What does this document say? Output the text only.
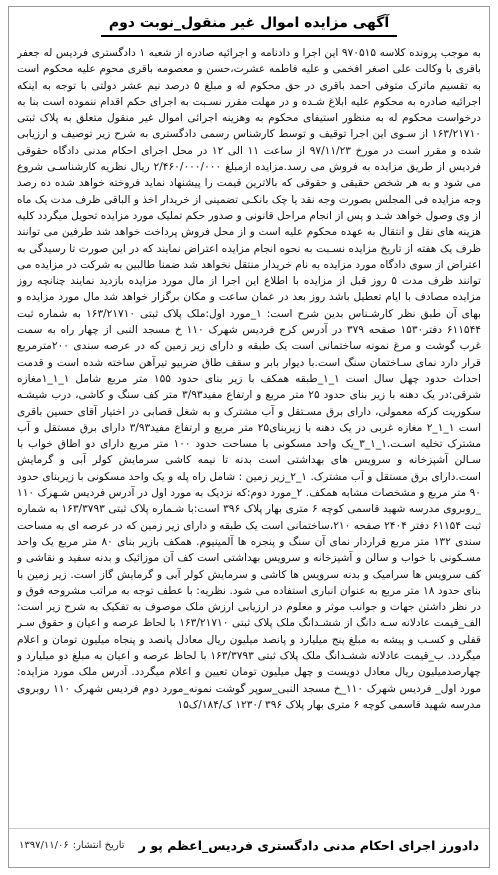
آگهی مزایده اموال غیر منقول_نوبت دوم

به موجب پرونده کلاسه ۹۷۰۵۱۵ این اجرا و دادنامه و اجرائیه صادره از شعبه ۱ دادگستری فردیس له جعفر باقری با وکالت علی اصغر افخمی و علیه فاطمه عشرت،حسن و معصومه باقری محوم علیه محکوم است به تقسیم ماترک متوفی احمد باقری در حق محکوم له و مبلغ ۵ درصد نیم عشر دولتی با توجه به اینکه اجرائیه صادره به محکوم علیه ابلاغ شـده و در مهلت مقرر نسـبت به اجرای حکم اقدام ننموده است بنا به درخواست محکوم له به منظور استیفای محکوم به وهزینه اجرائی اموال غیر منقول متعلق به پلاک ثبتی ۱۶۳/۲۱۷۱۰ از سـوی این اجرا توقیف و توسط کارشناس رسمی دادگستری به شرح زیر توصیف و ارزیابی شده و مقرر است در مورخ ۹۷/۱۱/۲۳ از ساعت ۱۱ الی ۱۲ در محل اجرای احکام مدنی دادگاه حقوقی فردیس از طریق مزایده به فروش می رسد.مزایده ازمبلغ ۲/۴۶۰/۰۰۰/۰۰۰ ریال نظریه کارشناسـی شروع می شود و به هر شخص حقیقی و حقوقی که بالاترین قیمت را پیشنهاد نماید فروخته خواهد شده ده رصد وجه مزایده فی المجلس بصورت وجه نقد یا چک بانکـی تضمینی از خریدار اخذ و الباقی ظرف مدت یک ماه از وی وصول خواهد شـد و پس از انجام مراحل قانونی و صدور حکم تملیک مورد مزایده تحویل میگردد کلیه هزینه های نقل و انتقال به عهده محکوم علیه است و از محل فروش پرداخت خواهد شد طرفین می توانند ظرف یک هفته از تاریخ مزایده نسـبت به نحوه انجام مزایده اعتراض نمایند که در این صورت تا رسیدگی به اعتراض از سوی دادگاه مورد مزایده به نام خریدار منتقل نخواهد شد ضمنا طالبین به شرکت در مزایده می توانند ظرف مدت ۵ روز قبل از مزایده با اطلاع این اجرا از مال مورد مزایده بازدید نمایند چنانچه روز مزایده مصادف با ایام تعطیل باشد روز بعد در عمان ساعت و مکان برگزار خواهد شد مال مورد مزایده و بهای آن طبق نظر کارشـناس بدین شرح است: ۱_مورد اول:ملک پلاک ثبتی ۱۶۳/۲۱۷۱۰ به شماره ثبت ۶۱۱۵۴۴ دفتر۱۵۳۰ صفحه ۳۷۹ در آدرس کرج فردیس شهرک ۱۱۰ خ مسجد النبی از چهار راه به سمت غرب گوشت و مرغ نمونه ساختمانی است یک طبقه و دارای زیر زمین که در عرصه سندی ۲۰۰مترمربع قرار دارد نمای سـاختمان سنگ است.با دیوار بابر و سقف طاق ضربیو تیرآهن ساخته شده است و قدمت احداث حدود چهل سال است ۱_۱_طبقه همکف با زیر بنای حدود ۱۵۵ متر مربع شامل ۱_۱_۱مغازه شرقی:در یک دهنه با زیر بنای حدود ۲۵ متر مربع و ارتفاع مفید۳/۹۳ متر کف سنگ و کاشی، درب شیشـه سکوریت کرکه معمولی، دارای برق مسـتقل و آب مشترک و به شغل قصابی در اختیار آقای حسین باقری است ۱_۱_۲ مغازه غربی در یک دهنه با زیربنای۲۵ متر مربع و ارتفاع مفید۳/۹۳ دارای برق مستقل و آب مشترک تخلیه اسـت.۱_۱_۳_یک واحد مسکونی با مساحت حدود ۱۰۰ متر مربع دارای دو اطاق خواب با سـالن آشپزخانه و سرویس های بهداشتی است بدنه تا نیمه کاشی سرمایش کولر آبی و گرمایش است.دارای برق مستقل و آب مشترک. ۱_۲_زیر زمین : شامل راه پله و یک واحد مسکونی با زیربنای حدود ۹۰ متر مربع و مشخصات مشابه همکف. ۲_مورد دوم:که نزدیک به مورد اول در آدرس فردیس شـهرک ۱۱۰ _روبروی مدرسه شهید قاسمی کوچه ۶ متری بهار پلاک ۳۹۶ است:با شـماره پلاک ثبتی ۱۶۳/۳۷۹۳ به شماره ثبت ۶۱۱۵۴ دفتر ۲۴۰۴ صفحه ۲۱۰،ساختمانی است یک طبقه و دارای زیر زمین که در عرصه ای به مساحت سندی ۱۳۲ متر مربع قراردار نمای آن سنگ و پنجره ها آلمینیوم. همکف بازیر بنای ۸۰ متر مربع یک واحد مسـکونی با خواب و سالن و آشپزخانه و سرویس بهداشتی است کف آن موزائیک و بدنه سفید و نقاشی و کف سرویس ها سرامیک و بدنه سرویس ها کاشی و سرمایش کولر آبی و گرمایش گاز است. زیر زمین با بنای حدود ۱۸ متر مربع به عنوان انباری استفاده می شود. نظریه: با عطف توجه به مراتب مشروحه فوق و در نظر داشتن جهات و جوانب موثر و معلوم در ارزیابی ارزش ملک موصوف به تفکیک به شرح زیر است: الف_قیمت عادلانه سـه دانگ از ششـدانگ ملک پلاک ثبتی ۱۶۳/۲۱۷۱۰ با لحاظ عرصه و اعیان و حقوق سـر قفلی و کسـب و پیشه به مبلغ پنج میلیارد و پانصد میلیون ریال معادل پانصد و پنجاه میلیون تومان و اعلام میگردد. ب_قیمت عادلانه ششـدانگ ملک پلاک ثبتی ۱۶۳/۳۷۹۳ با لحاظ عرصه و اعیان به مبلغ دو میلیارد و چهارصدمیلیون ریال معادل دویست و چهل میلیون تومان تعیین و اعلام میگردد. آدرس ملک مورد مزایده: مورد اول_ فردیس شهرک ۱۱۰_خ مسجد النبی_سوپر گوشت نمونه_مورد دوم فردیس شهرک ۱۱۰ روبروی مدرسه شهید قاسمی کوچه ۶ متری بهار پلاک ۳۹۶ /۱۲۳۰ ک/۱۸۴/ک۱۵

دادورز اجرای احکام مدنی دادگستری فردیس_اعظم پو ر
تاریخ انتشار:
۱۳۹۷/۱۱/۰۶
